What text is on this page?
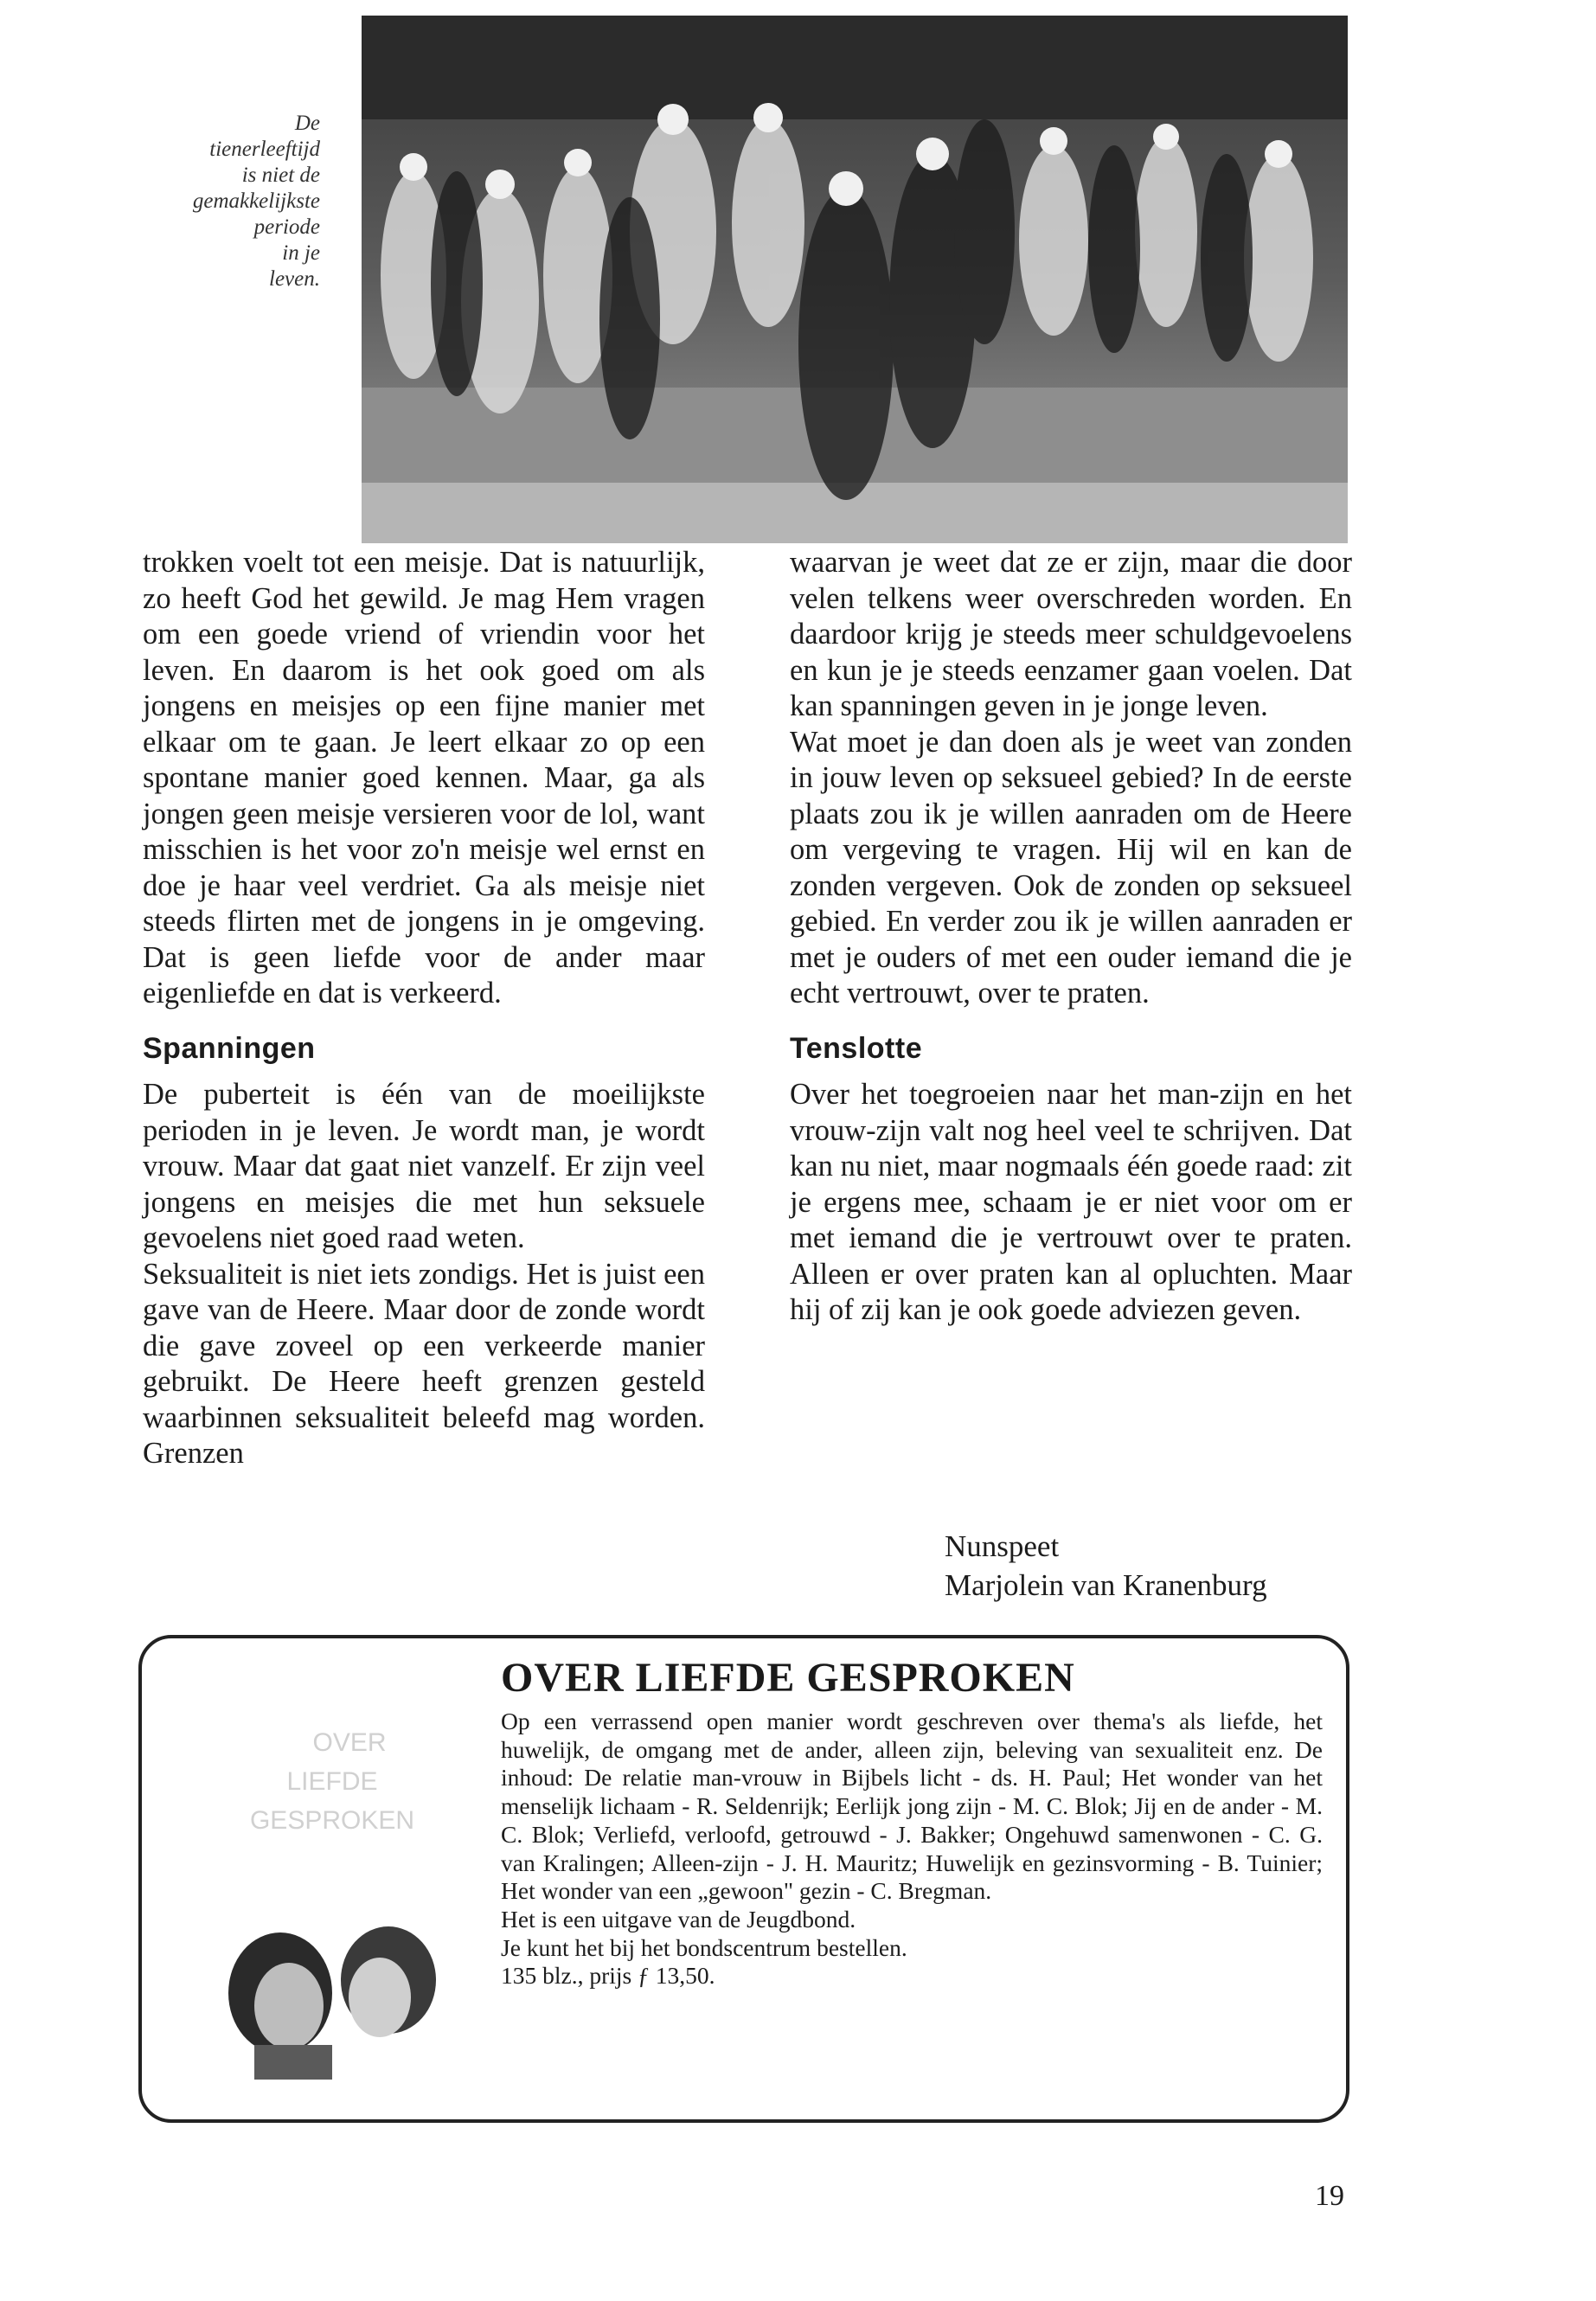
De
tienerleeftijd
is niet de
gemakkelijkste
periode
in je
leven.

trokken voelt tot een meisje. Dat is natuurlijk, zo heeft God het gewild. Je mag Hem vragen om een goede vriend of vriendin voor het leven. En daarom is het ook goed om als jongens en meisjes op een fijne manier met elkaar om te gaan. Je leert elkaar zo op een spontane manier goed kennen. Maar, ga als jongen geen meisje versieren voor de lol, want misschien is het voor zo'n meisje wel ernst en doe je haar veel verdriet. Ga als meisje niet steeds flirten met de jongens in je omgeving. Dat is geen liefde voor de ander maar eigenliefde en dat is verkeerd.

Spanningen

De puberteit is één van de moeilijkste perioden in je leven. Je wordt man, je wordt vrouw. Maar dat gaat niet vanzelf. Er zijn veel jongens en meisjes die met hun seksuele gevoelens niet goed raad weten.

Seksualiteit is niet iets zondigs. Het is juist een gave van de Heere. Maar door de zonde wordt die gave zoveel op een verkeerde manier gebruikt. De Heere heeft grenzen gesteld waarbinnen seksualiteit beleefd mag worden. Grenzen

waarvan je weet dat ze er zijn, maar die door velen telkens weer overschreden worden. En daardoor krijg je steeds meer schuldgevoelens en kun je je steeds eenzamer gaan voelen. Dat kan spanningen geven in je jonge leven.

Wat moet je dan doen als je weet van zonden in jouw leven op seksueel gebied? In de eerste plaats zou ik je willen aanraden om de Heere om vergeving te vragen. Hij wil en kan de zonden vergeven. Ook de zonden op seksueel gebied. En verder zou ik je willen aanraden er met je ouders of met een ouder iemand die je echt vertrouwt, over te praten.

Tenslotte

Over het toegroeien naar het man-zijn en het vrouw-zijn valt nog heel veel te schrijven. Dat kan nu niet, maar nogmaals één goede raad: zit je ergens mee, schaam je er niet voor om er met iemand die je vertrouwt over te praten. Alleen er over praten kan al opluchten. Maar hij of zij kan je ook goede adviezen geven.

Nunspeet
Marjolein van Kranenburg
OVER
LIEFDE
GESPROKEN
OVER LIEFDE GESPROKEN

Op een verrassend open manier wordt geschreven over thema's als liefde, het huwelijk, de omgang met de ander, alleen zijn, beleving van sexualiteit enz. De inhoud: De relatie man-vrouw in Bijbels licht - ds. H. Paul; Het wonder van het menselijk lichaam - R. Seldenrijk; Eerlijk jong zijn - M. C. Blok; Jij en de ander - M. C. Blok; Verliefd, verloofd, getrouwd - J. Bakker; Ongehuwd samenwonen - C. G. van Kralingen; Alleen-zijn - J. H. Mauritz; Huwelijk en gezinsvorming - B. Tuinier; Het wonder van een „gewoon" gezin - C. Bregman.

Het is een uitgave van de Jeugdbond.

Je kunt het bij het bondscentrum bestellen.

135 blz., prijs ƒ 13,50.

19
